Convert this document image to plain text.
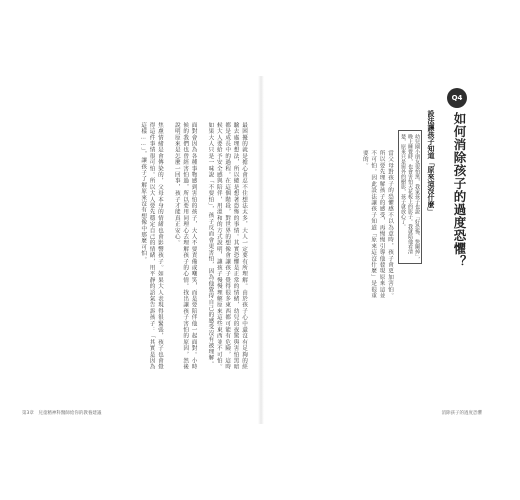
最困擾的就是擔心會忍不住想法太多，大人一定要有所理解。由於孩子心中還沒有足夠的經驗去處理想法，所以總是想著恐怖的事情。其實恐懼是正常的情緒，幼兒的夜驚與害怕黑暗都是成長中的過程。在這個階段，對世界的想像會讓孩子覺得很多東西都可能有危險，這時候大人要給予安全感與陪伴，用溫和的方式說明，讓孩子慢慢理解原來這些東西並不可怕。如果大人只是一味說「不要怕」，孩子反而會更害怕，因為他覺得自己的感受沒有被理解。

面對會因為各種事物感到害怕的孩子，大人不要責備或嘲笑，而是要陪伴他一起面對。小時候的我們也曾經害怕過，所以要用同理心去理解孩子的心情。找出讓孩子害怕的原因，然後說明原來是怎麼一回事，孩子才能真正安心。

焦慮情緒是會傳染的，父母本身的情緒也會影響孩子。如果大人表現得很緊張，孩子也會覺得這件事情很可怕。所以大人要先穩定自己的情緒，用平靜的語氣告訴孩子：「其實是因為這樣……」，讓孩子了解原來沒有想像中那麼可怕。
Q4
如何消除孩子的過度恐懼？
設法讓孩子知道「原來這沒什麼」
幼兒園小朋友很怕黑，我家孩子也說「好恐怖、快關掉」，晚上睡覺時，也會害怕天花板上的影子。我就陪他看清楚，原來只是窗外的樹影，孩子就放心了。
當父母對孩子的恐懼感不以為意時，孩子會更加害怕。所以要先理解孩子的感受，再慢慢引導他發現原來這並不可怕。因此設法讓孩子知道「原來這沒什麼」是很重要的。
第3章　兒童精神科醫師給你的教養建議	消除孩子的過度恐懼
